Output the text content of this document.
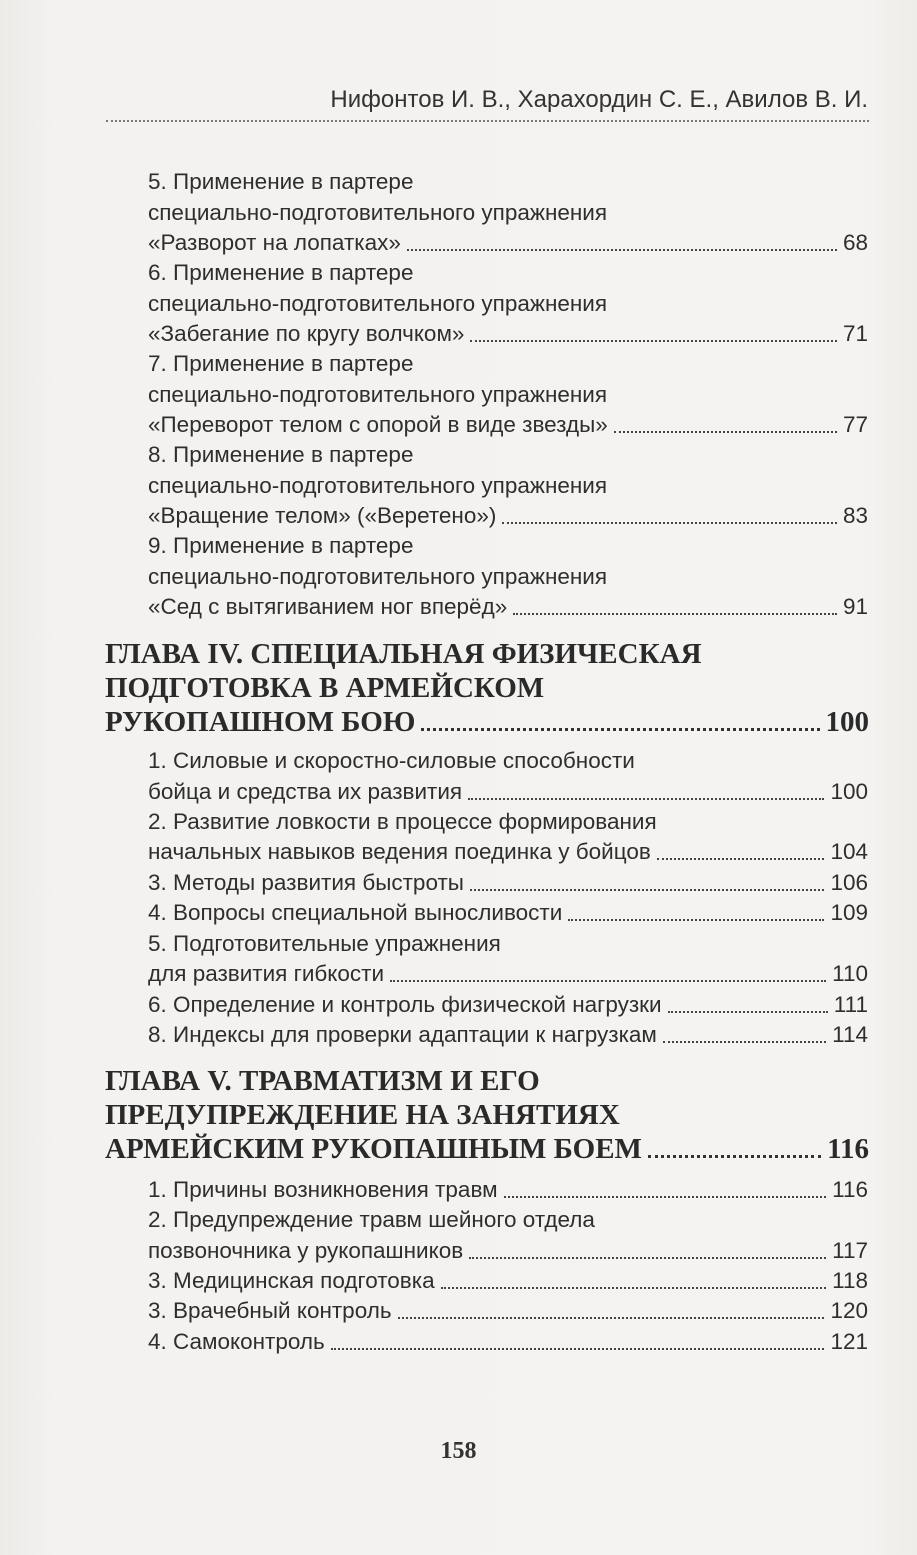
Нифонтов И. В., Харахордин С. Е., Авилов В. И.
5. Применение в партере
специально-подготовительного упражнения
«Разворот на лопатках»	68
6. Применение в партере
специально-подготовительного упражнения
«Забегание по кругу волчком»	71
7. Применение в партере
специально-подготовительного упражнения
«Переворот телом с опорой в виде звезды»	77
8. Применение в партере
специально-подготовительного упражнения
«Вращение телом» («Веретено»)	83
9. Применение в партере
специально-подготовительного упражнения
«Сед с вытягиванием ног вперёд»	91
ГЛАВА IV. СПЕЦИАЛЬНАЯ ФИЗИЧЕСКАЯ
ПОДГОТОВКА В АРМЕЙСКОМ
РУКОПАШНОМ БОЮ	100
1. Силовые и скоростно-силовые способности
бойца и средства их развития	100
2. Развитие ловкости в процессе формирования
начальных навыков ведения поединка у бойцов	104
3. Методы развития быстроты	106
4. Вопросы специальной выносливости	109
5. Подготовительные упражнения
для развития гибкости	110
6. Определение и контроль физической нагрузки	111
8. Индексы для проверки адаптации к нагрузкам	114
ГЛАВА V. ТРАВМАТИЗМ И ЕГО
ПРЕДУПРЕЖДЕНИЕ НА ЗАНЯТИЯХ
АРМЕЙСКИМ РУКОПАШНЫМ БОЕМ	116
1. Причины возникновения травм	116
2. Предупреждение травм шейного отдела
позвоночника у рукопашников	117
3. Медицинская подготовка	118
3. Врачебный контроль	120
4. Самоконтроль	121
158
